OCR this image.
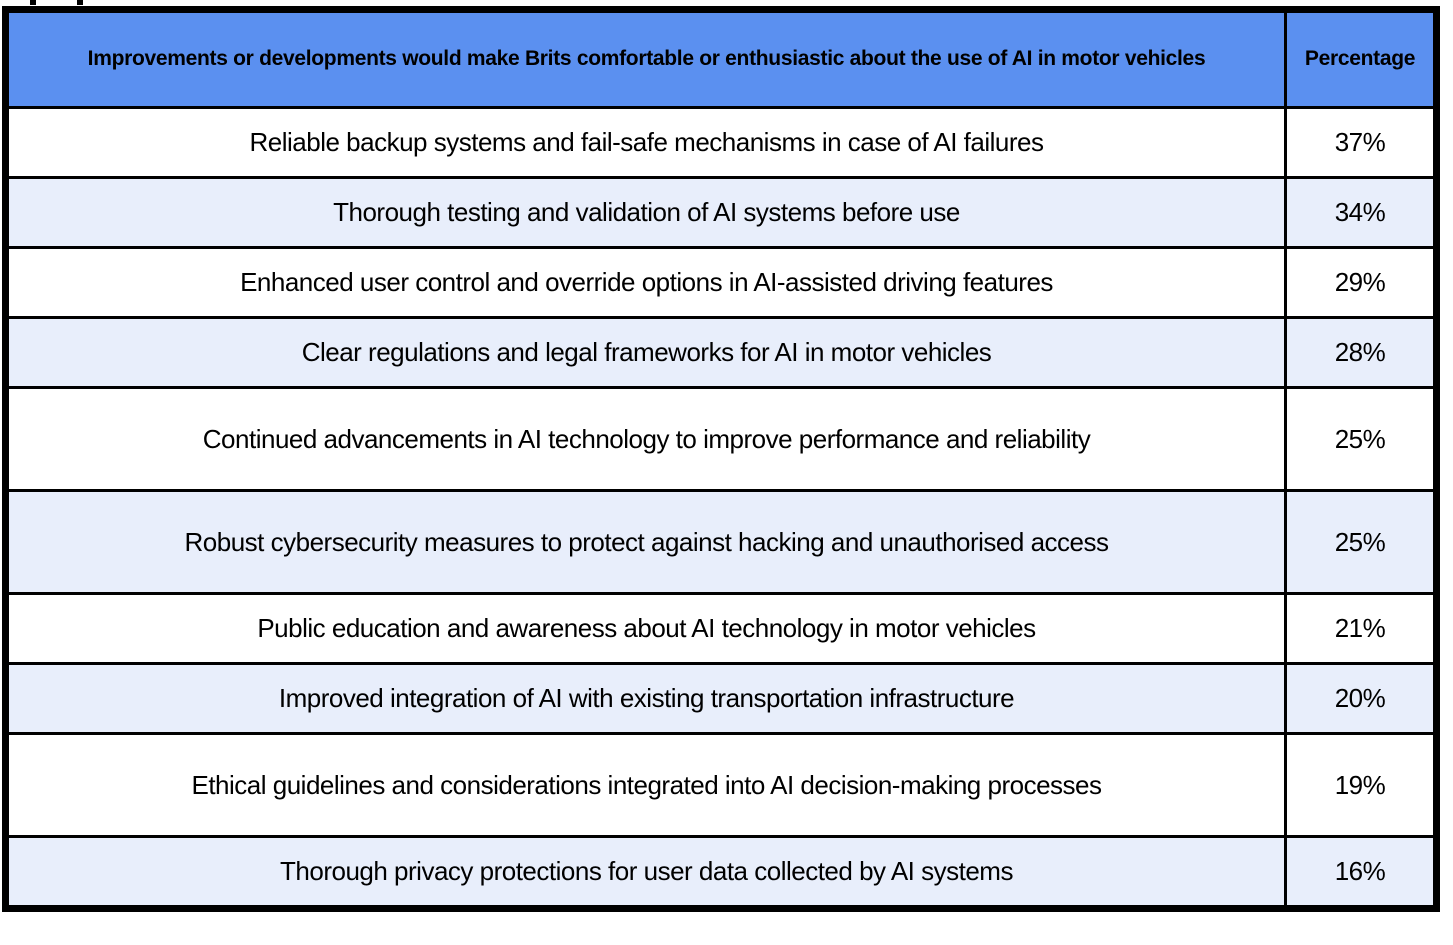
Improvements or developments would make Brits comfortable or enthusiastic about the use of AI in motor vehicles	Percentage
Reliable backup systems and fail-safe mechanisms in case of AI failures	37%
Thorough testing and validation of AI systems before use	34%
Enhanced user control and override options in AI-assisted driving features	29%
Clear regulations and legal frameworks for AI in motor vehicles	28%
Continued advancements in AI technology to improve performance and reliability	25%
Robust cybersecurity measures to protect against hacking and unauthorised access	25%
Public education and awareness about AI technology in motor vehicles	21%
Improved integration of AI with existing transportation infrastructure	20%
Ethical guidelines and considerations integrated into AI decision-making processes	19%
Thorough privacy protections for user data collected by AI systems	16%
